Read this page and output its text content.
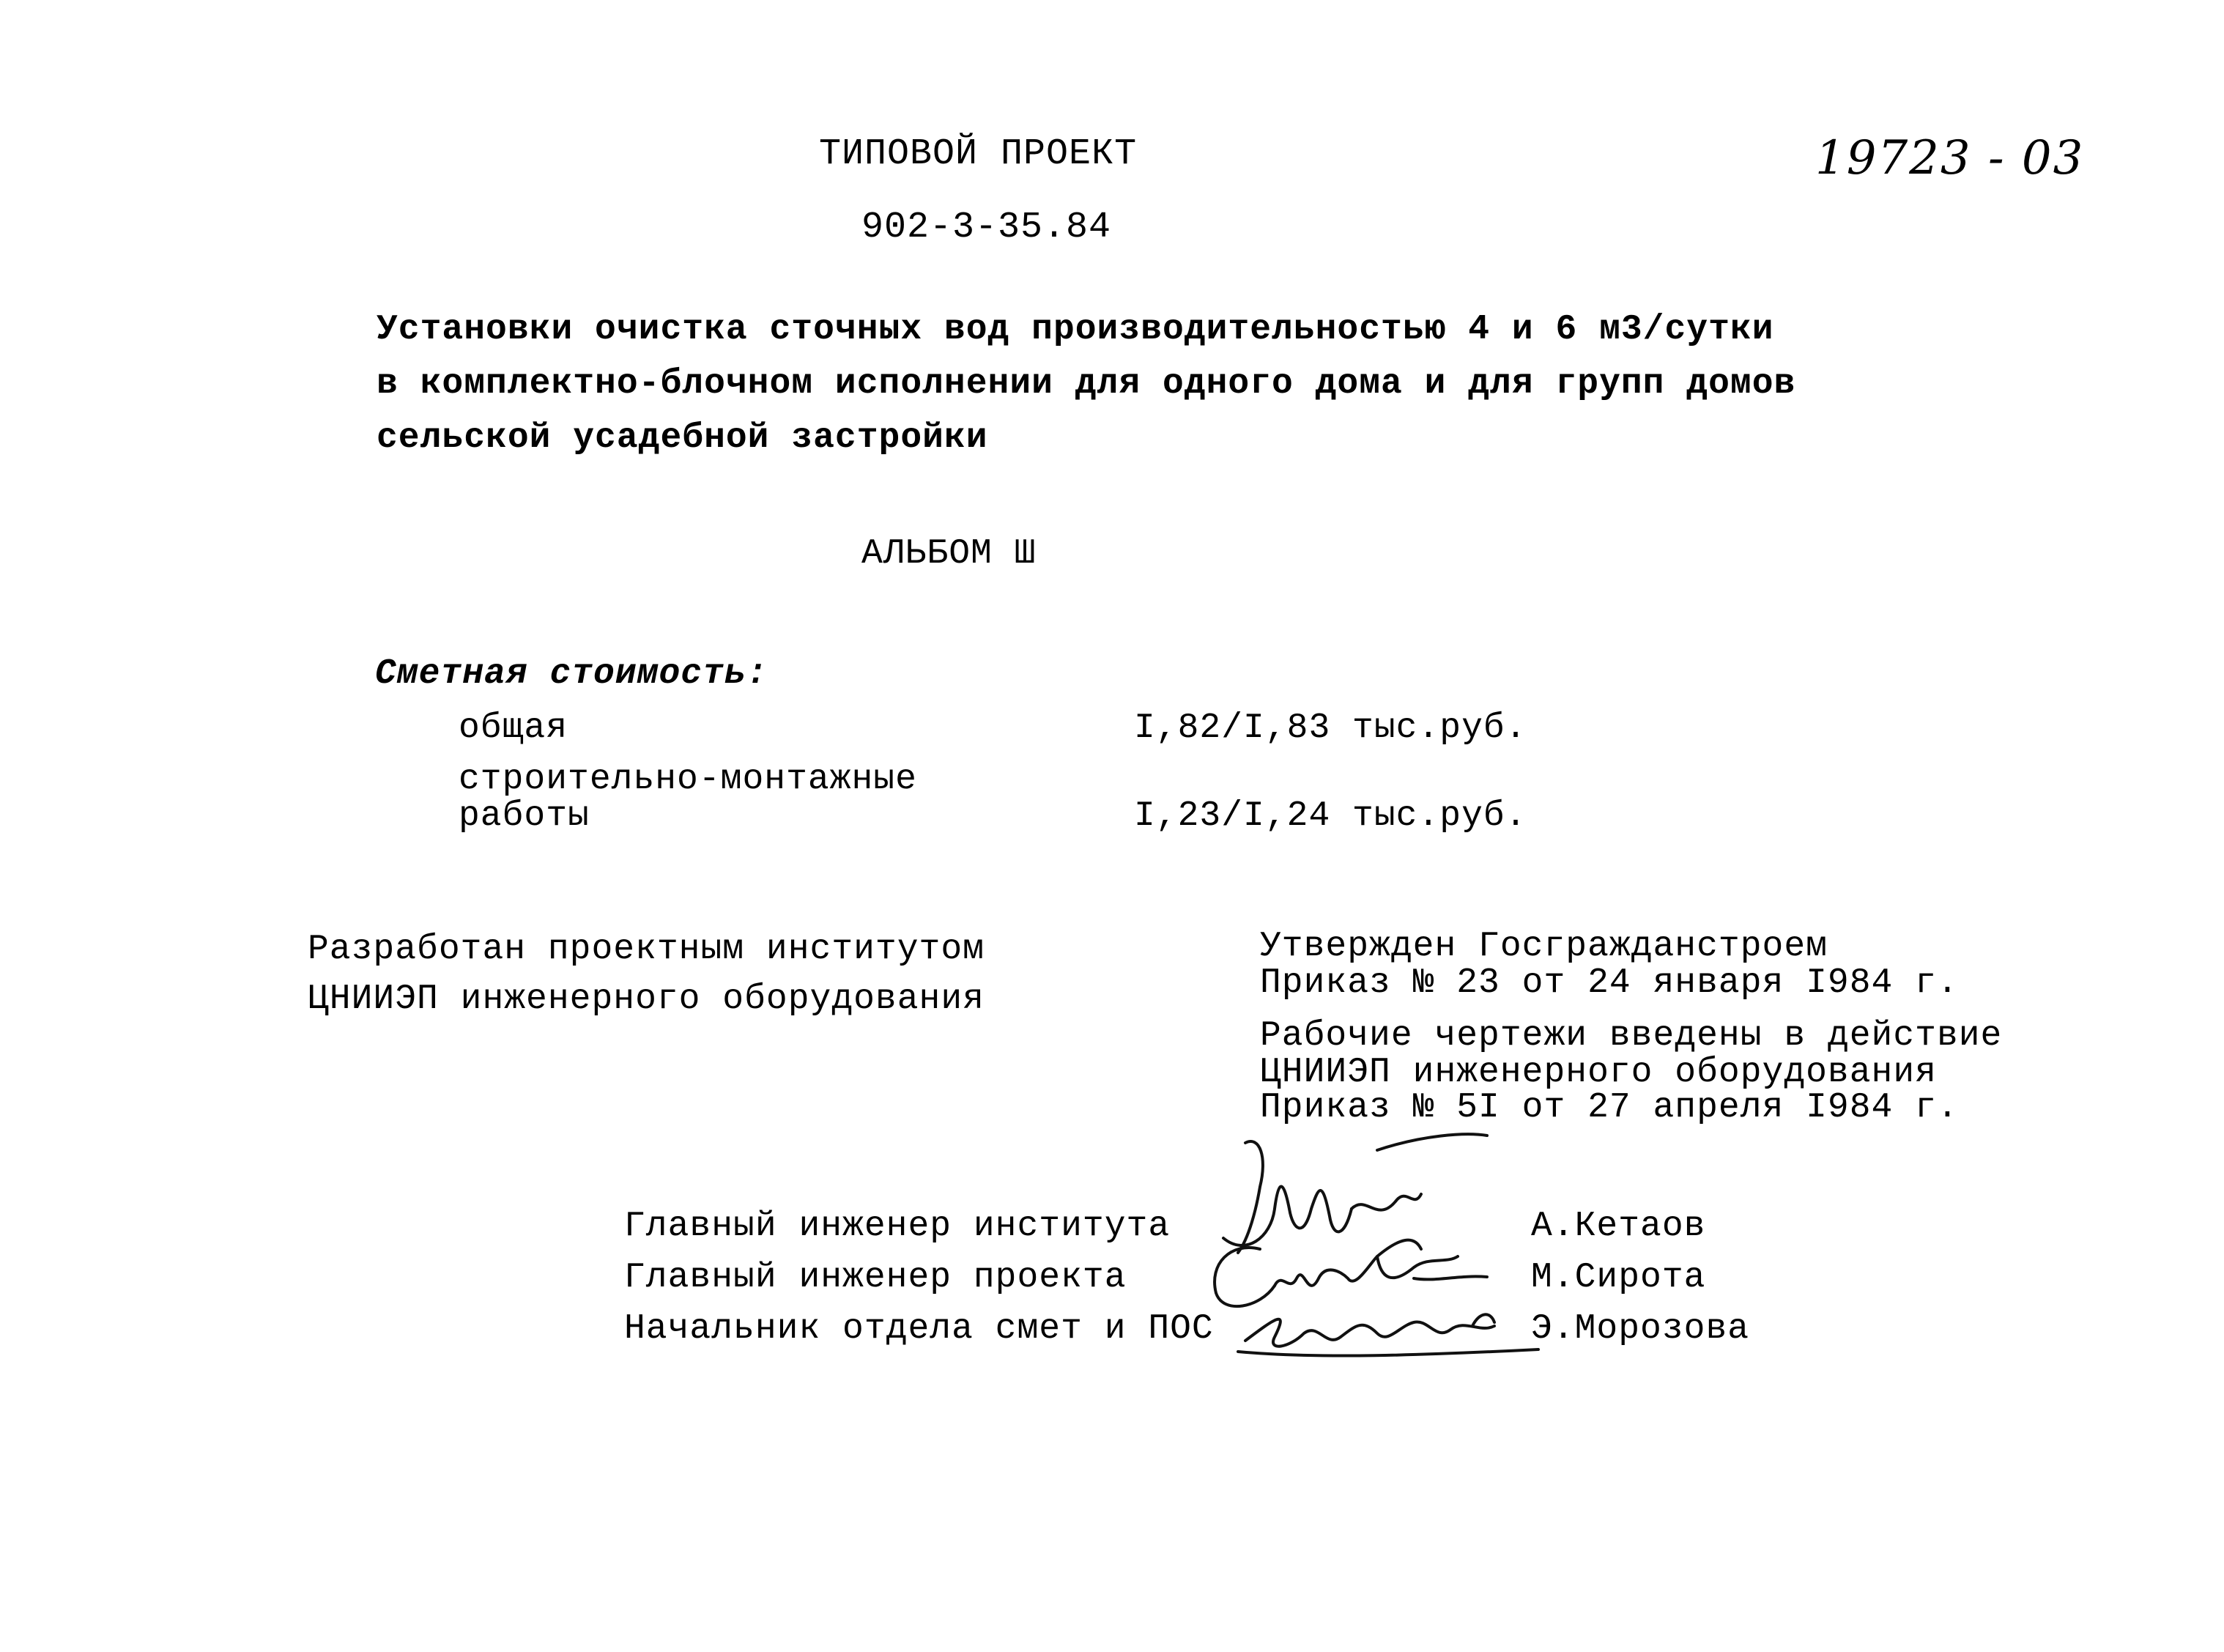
ТИПОВОЙ ПРОЕКТ
902-3-35.84
19723 - 03
Установки очистка сточных вод производительностью 4 и 6 м3/сутки
в комплектно-блочном исполнении для одного дома и для групп домов
сельской усадебной застройки
АЛЬБОМ Ш
Сметная стоимость:
общая	I,82/I,83 тыс.руб.
строительно-монтажные
работы	I,23/I,24 тыс.руб.
Разработан проектным институтом
ЦНИИЭП инженерного оборудования
Утвержден Госгражданстроем
Приказ № 23 от 24 января I984 г.
Рабочие чертежи введены в действие
ЦНИИЭП инженерного оборудования
Приказ № 5I от 27 апреля I984 г.
Главный инженер института	А.Кетаов
Главный инженер проекта	М.Сирота
Начальник отдела смет и ПОС	Э.Морозова
